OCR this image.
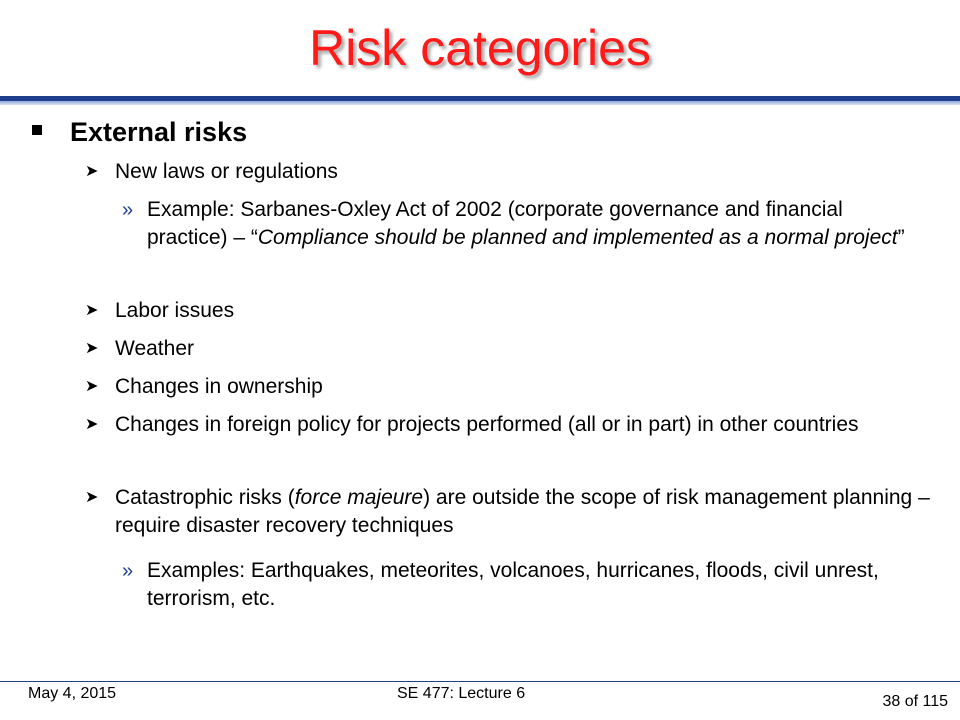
Risk categories
External risks
➤ New laws or regulations
» Example: Sarbanes-Oxley Act of 2002 (corporate governance and financial practice) – “Compliance should be planned and implemented as a normal project”
➤ Labor issues
➤ Weather
➤ Changes in ownership
➤ Changes in foreign policy for projects performed (all or in part) in other countries
➤ Catastrophic risks (force majeure) are outside the scope of risk management planning – require disaster recovery techniques
» Examples: Earthquakes, meteorites, volcanoes, hurricanes, floods, civil unrest, terrorism, etc.
May 4, 2015	SE 477: Lecture 6	38 of 115
